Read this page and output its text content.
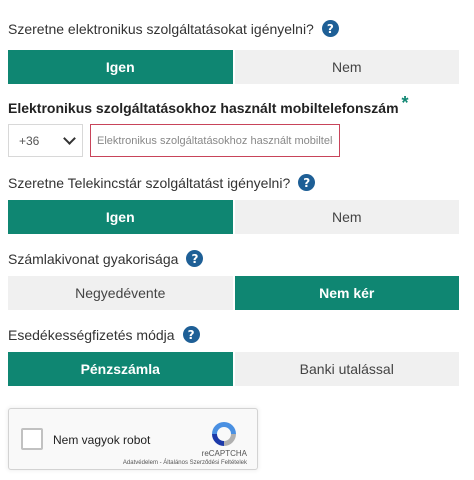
Szeretne elektronikus szolgáltatásokat igényelni?	?
Igen	Nem
Elektronikus szolgáltatásokhoz használt mobiltelefonszám *
+36
Elektronikus szolgáltatásokhoz használt mobiltelefonszám
Szeretne Telekincstár szolgáltatást igényelni?	?
Igen	Nem
Számlakivonat gyakorisága	?
Negyedévente	Nem kér
Esedékességfizetés módja	?
Pénzszámla	Banki utalással
Nem vagyok robot
reCAPTCHA
Adatvédelem - Általános Szerződési Feltételek
